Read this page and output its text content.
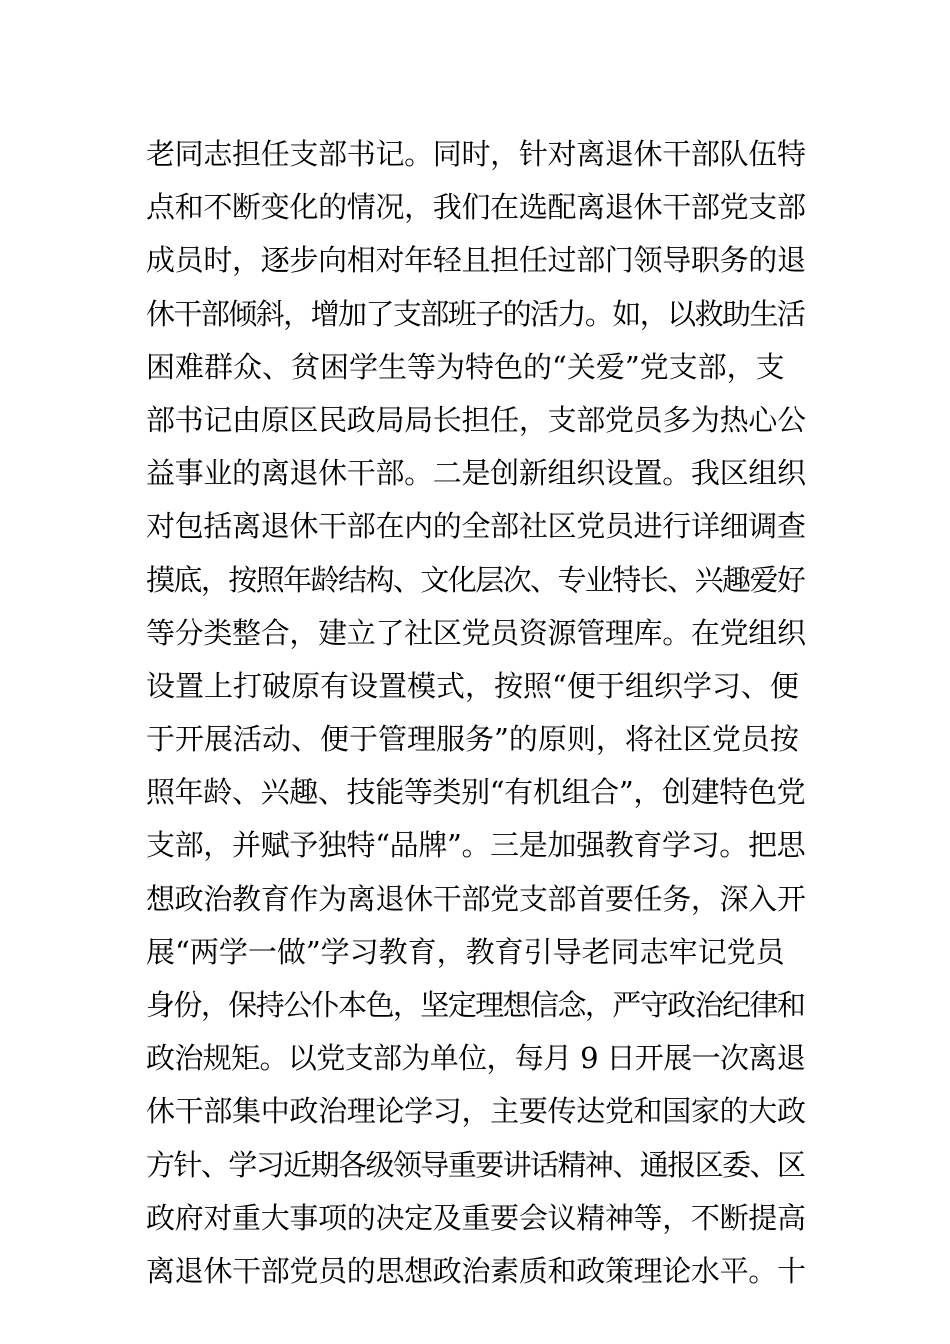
老同志担任支部书记。同时，针对离退休干部队伍特
点和不断变化的情况，我们在选配离退休干部党支部
成员时，逐步向相对年轻且担任过部门领导职务的退
休干部倾斜，增加了支部班子的活力。如，以救助生活
困难群众、贫困学生等为特色的“关爱”党支部，支
部书记由原区民政局局长担任，支部党员多为热心公
益事业的离退休干部。二是创新组织设置。我区组织
对包括离退休干部在内的全部社区党员进行详细调查
摸底，按照年龄结构、文化层次、专业特长、兴趣爱好
等分类整合，建立了社区党员资源管理库。在党组织
设置上打破原有设置模式，按照“便于组织学习、便
于开展活动、便于管理服务”的原则，将社区党员按
照年龄、兴趣、技能等类别“有机组合”，创建特色党
支部，并赋予独特“品牌”。三是加强教育学习。把思
想政治教育作为离退休干部党支部首要任务，深入开
展“两学一做”学习教育，教育引导老同志牢记党员
身份，保持公仆本色，坚定理想信念，严守政治纪律和
政治规矩。以党支部为单位，每月 9 日开展一次离退
休干部集中政治理论学习，主要传达党和国家的大政
方针、学习近期各级领导重要讲话精神、通报区委、区
政府对重大事项的决定及重要会议精神等，不断提高
离退休干部党员的思想政治素质和政策理论水平。十
